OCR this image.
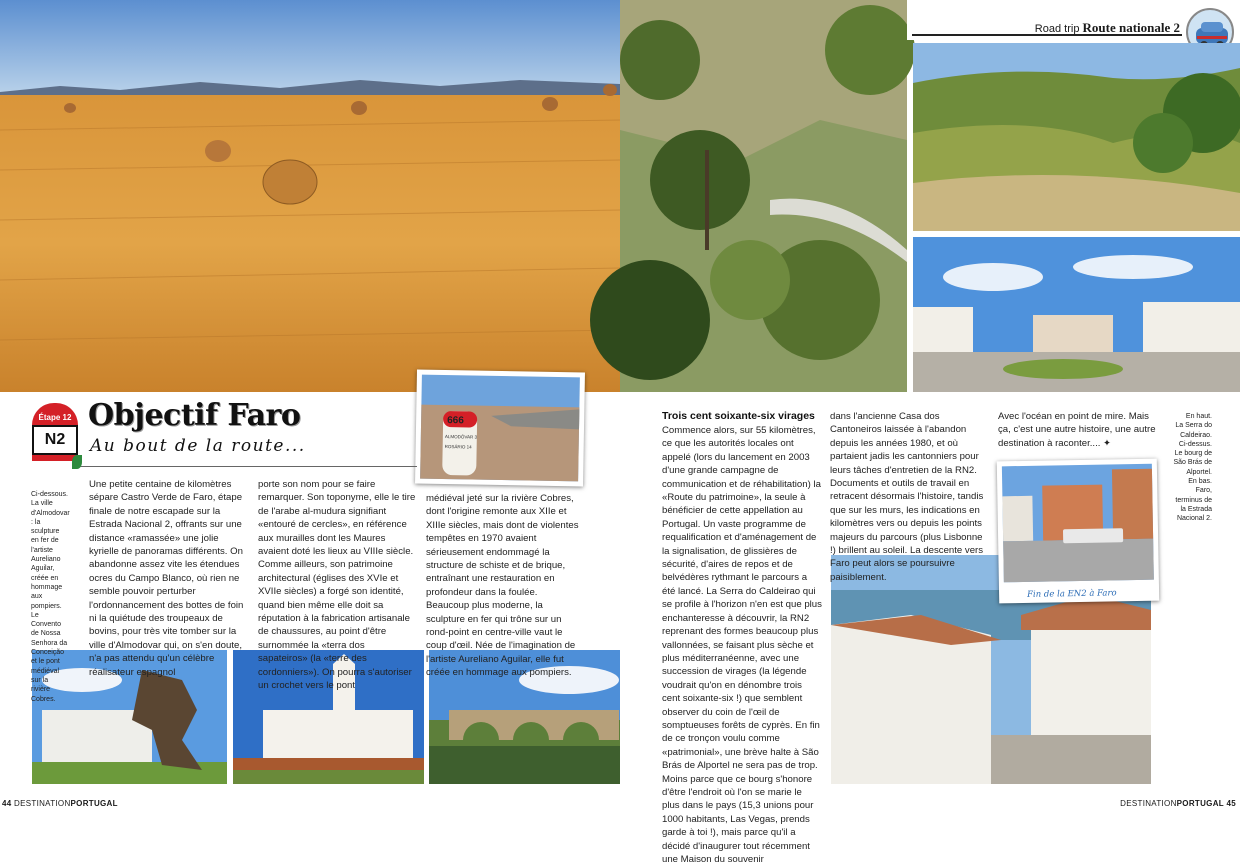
Road trip Route nationale 2
666
ALMODÔVAR 3
ROSÁRIO 14
Fin de la EN2 à Faro
Étape 12
N2
Objectif Faro
Au bout de la route...
Ci-dessous.
La ville d'Almodovar : la sculpture en fer de l'artiste Aureliano Aguilar, créée en hommage aux pompiers. Le Convento de Nossa Senhora da Conceição et le pont médiéval sur la rivière Cobres.
Une petite centaine de kilomètres sépare Castro Verde de Faro, étape finale de notre escapade sur la Estrada Nacional 2, offrants sur une distance «ramassée» une jolie kyrielle de panoramas différents. On abandonne assez vite les étendues ocres du Campo Blanco, où rien ne semble pouvoir perturber l'ordonnancement des bottes de foin ni la quiétude des troupeaux de bovins, pour très vite tomber sur la ville d'Almodovar qui, on s'en doute, n'a pas attendu qu'un célèbre réalisateur espagnol
porte son nom pour se faire remarquer. Son toponyme, elle le tire de l'arabe al-mudura signifiant «entouré de cercles», en référence aux murailles dont les Maures avaient doté les lieux au VIIIe siècle. Comme ailleurs, son patrimoine architectural (églises des XVIe et XVIIe siècles) a forgé son identité, quand bien même elle doit sa réputation à la fabrication artisanale de chaussures, au point d'être surnommée la «terra dos sapateiros» (la «terre des cordonniers»). On pourra s'autoriser un crochet vers le pont
médiéval jeté sur la rivière Cobres, dont l'origine remonte aux XIIe et XIIIe siècles, mais dont de violentes tempêtes en 1970 avaient sérieusement endommagé la structure de schiste et de brique, entraînant une restauration en profondeur dans la foulée. Beaucoup plus moderne, la sculpture en fer qui trône sur un rond-point en centre-ville vaut le coup d'œil. Née de l'imagination de l'artiste Aureliano Aguilar, elle fut créée en hommage aux pompiers.
Trois cent soixante-six virages
Commence alors, sur 55 kilomètres, ce que les autorités locales ont appelé (lors du lancement en 2003 d'une grande campagne de communication et de réhabilitation) la «Route du patrimoine», la seule à bénéficier de cette appellation au Portugal. Un vaste programme de requalification et d'aménagement de la signalisation, de glissières de sécurité, d'aires de repos et de belvédères rythmant le parcours a été lancé. La Serra do Caldeirao qui se profile à l'horizon n'en est que plus enchanteresse à découvrir, la RN2 reprenant des formes beaucoup plus vallonnées, se faisant plus sèche et plus méditerranéenne, avec une succession de virages (la légende voudrait qu'on en dénombre trois cent soixante-six !) que semblent observer du coin de l'œil de somptueuses forêts de cyprès. En fin de ce tronçon voulu comme «patrimonial», une brève halte à São Brás de Alportel ne sera pas de trop. Moins parce que ce bourg s'honore d'être l'endroit où l'on se marie le plus dans le pays (15,3 unions pour 1000 habitants, Las Vegas, prends garde à toi !), mais parce qu'il a décidé d'inaugurer tout récemment une Maison du souvenir
dans l'ancienne Casa dos Cantoneiros laissée à l'abandon depuis les années 1980, et où partaient jadis les cantonniers pour leurs tâches d'entretien de la RN2. Documents et outils de travail en retracent désormais l'histoire, tandis que sur les murs, les indications en kilomètres vers ou depuis les points majeurs du parcours (plus Lisbonne !) brillent au soleil. La descente vers Faro peut alors se poursuivre paisiblement.
Avec l'océan en point de mire. Mais ça, c'est une autre histoire, une autre destination à raconter.... ✦
En haut.
La Serra do Caldeirao.
Ci-dessus.
Le bourg de São Brás de Alportel.
En bas.
Faro, terminus de la Estrada Nacional 2.
44 DESTINATIONPORTUGAL	DESTINATIONPORTUGAL 45
